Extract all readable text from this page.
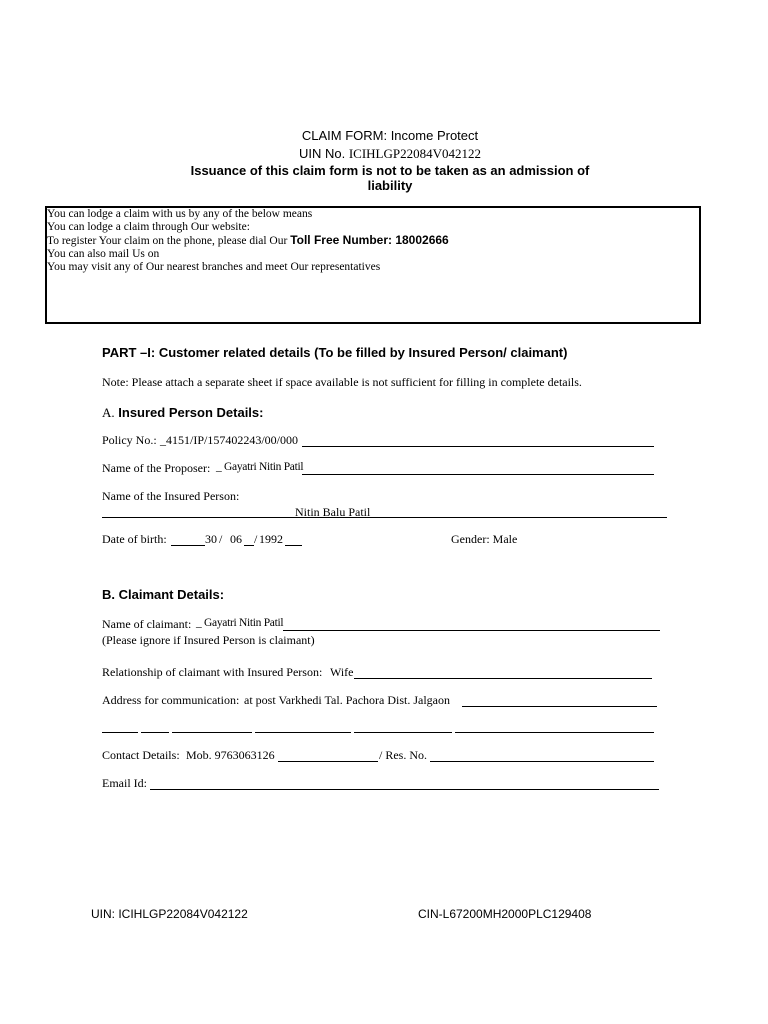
CLAIM FORM: Income Protect
UIN No. ICIHLGP22084V042122
Issuance of this claim form is not to be taken as an admission of
liability
You can lodge a claim with us by any of the below means
You can lodge a claim through Our website:
To register Your claim on the phone, please dial Our Toll Free Number: 18002666
You can also mail Us on
You may visit any of Our nearest branches and meet Our representatives
PART –I: Customer related details (To be filled by Insured Person/ claimant)
Note: Please attach a separate sheet if space available is not sufficient for filling in complete details.
A. Insured Person Details:
Policy No.: _4151/IP/157402243/00/000
Name of the Proposer: _ Gayatri Nitin Patil
Name of the Insured Person:
Nitin Balu Patil
Date of birth:	30 / 06 / 1992	Gender: Male
B. Claimant Details:
Name of claimant: _ Gayatri Nitin Patil
(Please ignore if Insured Person is claimant)
Relationship of claimant with Insured Person: Wife
Address for communication: at post Varkhedi Tal. Pachora Dist. Jalgaon
Contact Details: Mob. 9763063126	/ Res. No.
Email Id:
UIN: ICIHLGP22084V042122	CIN-L67200MH2000PLC129408
